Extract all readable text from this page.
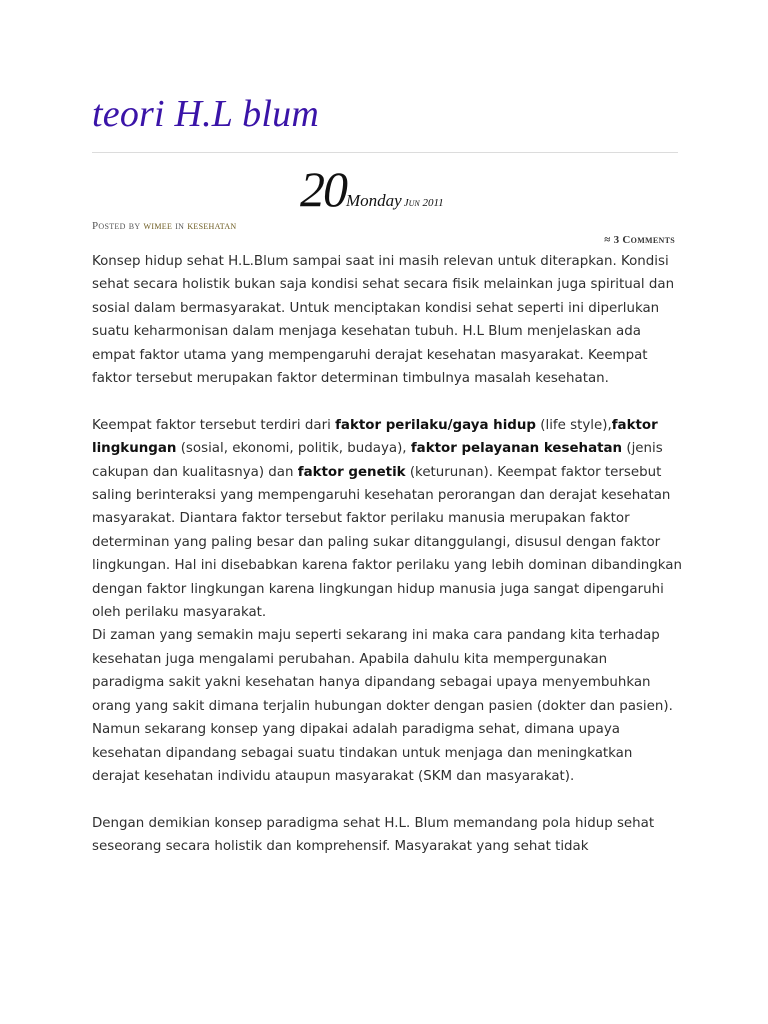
teori H.L blum
20Monday Jun 2011
Posted by wimee in kesehatan
≈ 3 Comments

Konsep hidup sehat H.L.Blum sampai saat ini masih relevan untuk diterapkan. Kondisi sehat secara holistik bukan saja kondisi sehat secara fisik melainkan juga spiritual dan sosial dalam bermasyarakat. Untuk menciptakan kondisi sehat seperti ini diperlukan suatu keharmonisan dalam menjaga kesehatan tubuh. H.L Blum menjelaskan ada empat faktor utama yang mempengaruhi derajat kesehatan masyarakat. Keempat faktor tersebut merupakan faktor determinan timbulnya masalah kesehatan.

Keempat faktor tersebut terdiri dari faktor perilaku/gaya hidup (life style),faktor lingkungan (sosial, ekonomi, politik, budaya), faktor pelayanan kesehatan (jenis cakupan dan kualitasnya) dan faktor genetik (keturunan). Keempat faktor tersebut saling berinteraksi yang mempengaruhi kesehatan perorangan dan derajat kesehatan masyarakat. Diantara faktor tersebut faktor perilaku manusia merupakan faktor determinan yang paling besar dan paling sukar ditanggulangi, disusul dengan faktor lingkungan. Hal ini disebabkan karena faktor perilaku yang lebih dominan dibandingkan dengan faktor lingkungan karena lingkungan hidup manusia juga sangat dipengaruhi oleh perilaku masyarakat.

Di zaman yang semakin maju seperti sekarang ini maka cara pandang kita terhadap kesehatan juga mengalami perubahan. Apabila dahulu kita mempergunakan paradigma sakit yakni kesehatan hanya dipandang sebagai upaya menyembuhkan orang yang sakit dimana terjalin hubungan dokter dengan pasien (dokter dan pasien). Namun sekarang konsep yang dipakai adalah paradigma sehat, dimana upaya kesehatan dipandang sebagai suatu tindakan untuk menjaga dan meningkatkan derajat kesehatan individu ataupun masyarakat (SKM dan masyarakat).

Dengan demikian konsep paradigma sehat H.L. Blum memandang pola hidup sehat seseorang secara holistik dan komprehensif. Masyarakat yang sehat tidak
